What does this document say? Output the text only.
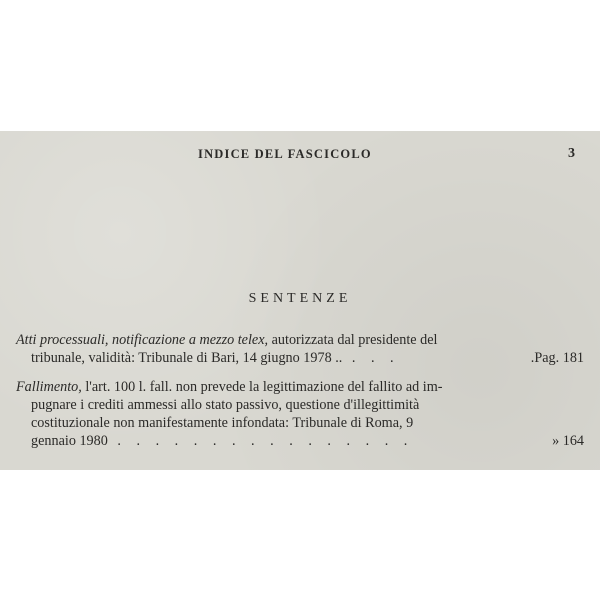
INDICE DEL FASCICOLO	3
SENTENZE
Atti processuali, notificazione a mezzo telex, autorizzata dal presidente del
tribunale, validità: Tribunale di Bari, 14 giugno 1978 .. . . .	.Pag. 181
Fallimento, l'art. 100 l. fall. non prevede la legittimazione del fallito ad im-
pugnare i crediti ammessi allo stato passivo, questione d'illegittimità
costituzionale non manifestamente infondata: Tribunale di Roma, 9
gennaio 1980 . . . . . . . . . . . . . . . .	» 164
